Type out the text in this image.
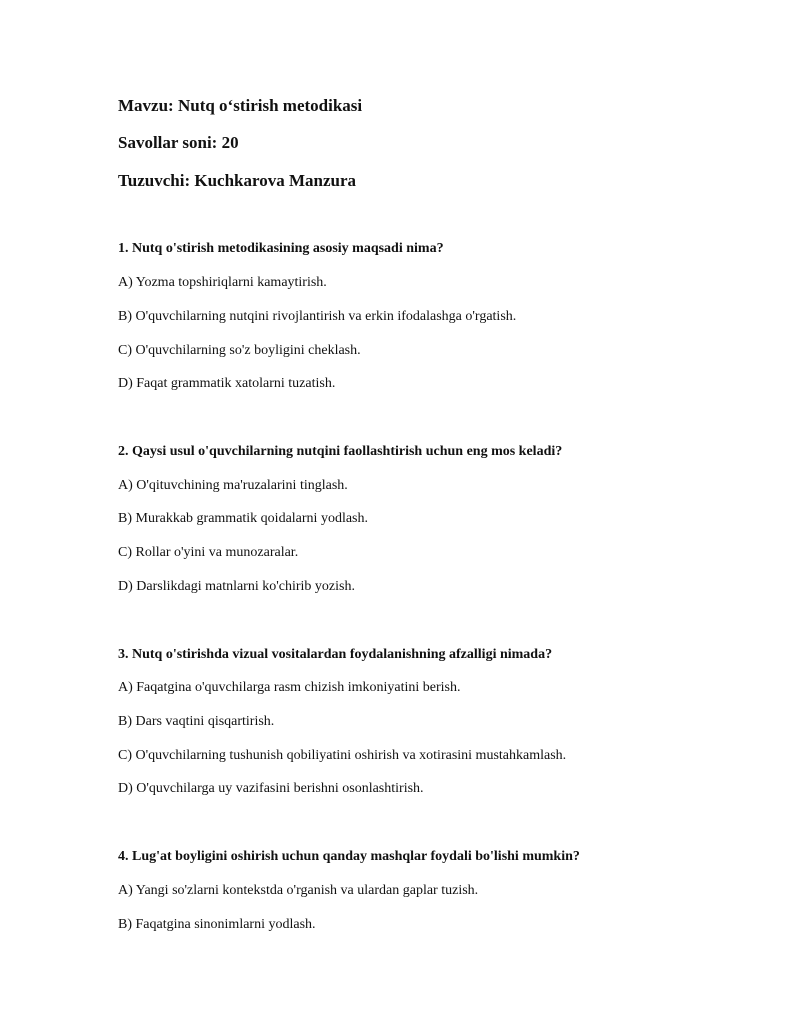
Mavzu: Nutq o‘stirish metodikasi
Savollar soni: 20
Tuzuvchi: Kuchkarova Manzura
1. Nutq o'stirish metodikasining asosiy maqsadi nima?
A) Yozma topshiriqlarni kamaytirish.
B) O'quvchilarning nutqini rivojlantirish va erkin ifodalashga o'rgatish.
C) O'quvchilarning so'z boyligini cheklash.
D) Faqat grammatik xatolarni tuzatish.
2. Qaysi usul o'quvchilarning nutqini faollashtirish uchun eng mos keladi?
A) O'qituvchining ma'ruzalarini tinglash.
B) Murakkab grammatik qoidalarni yodlash.
C) Rollar o'yini va munozaralar.
D) Darslikdagi matnlarni ko'chirib yozish.
3. Nutq o'stirishda vizual vositalardan foydalanishning afzalligi nimada?
A) Faqatgina o'quvchilarga rasm chizish imkoniyatini berish.
B) Dars vaqtini qisqartirish.
C) O'quvchilarning tushunish qobiliyatini oshirish va xotirasini mustahkamlash.
D) O'quvchilarga uy vazifasini berishni osonlashtirish.
4. Lug'at boyligini oshirish uchun qanday mashqlar foydali bo'lishi mumkin?
A) Yangi so'zlarni kontekstda o'rganish va ulardan gaplar tuzish.
B) Faqatgina sinonimlarni yodlash.
